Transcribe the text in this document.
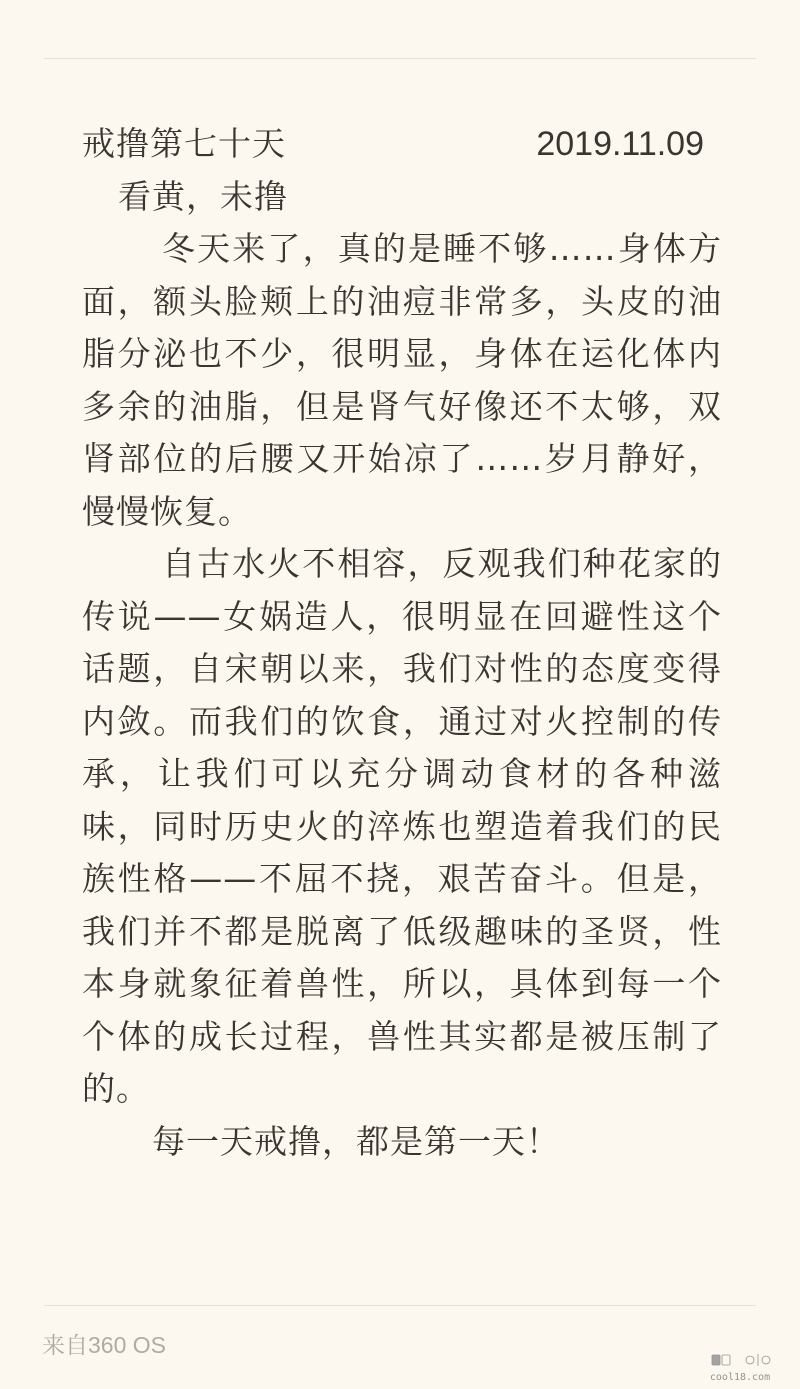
戒撸第七十天	2019.11.09
看黄，未撸

冬天来了，真的是睡不够……身体方面，额头脸颊上的油痘非常多，头皮的油脂分泌也不少，很明显，身体在运化体内多余的油脂，但是肾气好像还不太够，双肾部位的后腰又开始凉了……岁月静好，慢慢恢复。

自古水火不相容，反观我们种花家的传说——女娲造人，很明显在回避性这个话题，自宋朝以来，我们对性的态度变得内敛。而我们的饮食，通过对火控制的传承，让我们可以充分调动食材的各种滋味，同时历史火的淬炼也塑造着我们的民族性格——不屈不挠，艰苦奋斗。但是，我们并不都是脱离了低级趣味的圣贤，性本身就象征着兽性，所以，具体到每一个个体的成长过程，兽性其实都是被压制了的。

每一天戒撸，都是第一天！
来自360 OS
cool18.com
